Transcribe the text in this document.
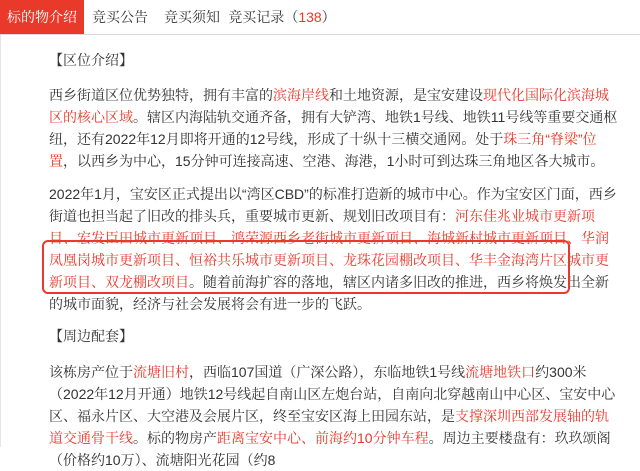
标的物介绍	竞买公告	竞买须知 竞买记录（138）
【区位介绍】

西乡街道区位优势独特，拥有丰富的滨海岸线和土地资源，是宝安建设现代化国际化滨海城区的核心区域。辖区内海陆轨交通齐备，拥有大铲湾、地铁1号线、地铁11号线等重要交通枢纽，还有2022年12月即将开通的12号线，形成了十纵十三横交通网。处于珠三角“脊梁”位置，以西乡为中心，15分钟可连接高速、空港、海港，1小时可到达珠三角地区各大城市。

2022年1月，宝安区正式提出以“湾区CBD”的标准打造新的城市中心。作为宝安区门面，西乡街道也担当起了旧改的排头兵，重要城市更新、规划旧改项目有：河东佳兆业城市更新项目、宏发臣田城市更新项目、鸿荣源西乡老街城市更新项目、海城新村城市更新项目、华润凤凰岗城市更新项目、恒裕共乐城市更新项目、龙珠花园棚改项目、华丰金海湾片区城市更新项目、双龙棚改项目。随着前海扩容的落地，辖区内诸多旧改的推进，西乡将焕发出全新的城市面貌，经济与社会发展将会有进一步的飞跃。

【周边配套】

该栋房产位于流塘旧村，西临107国道（广深公路），东临地铁1号线流塘地铁口约300米（2022年12月开通）地铁12号线起自南山区左炮台站，自南向北穿越南山中心区、宝安中心区、福永片区、大空港及会展片区，终至宝安区海上田园东站，是支撑深圳西部发展轴的轨道交通骨干线。标的物房产距离宝安中心、前海约10分钟车程。周边主要楼盘有：玖玖颂阁（价格约10万）、流塘阳光花园（约8
